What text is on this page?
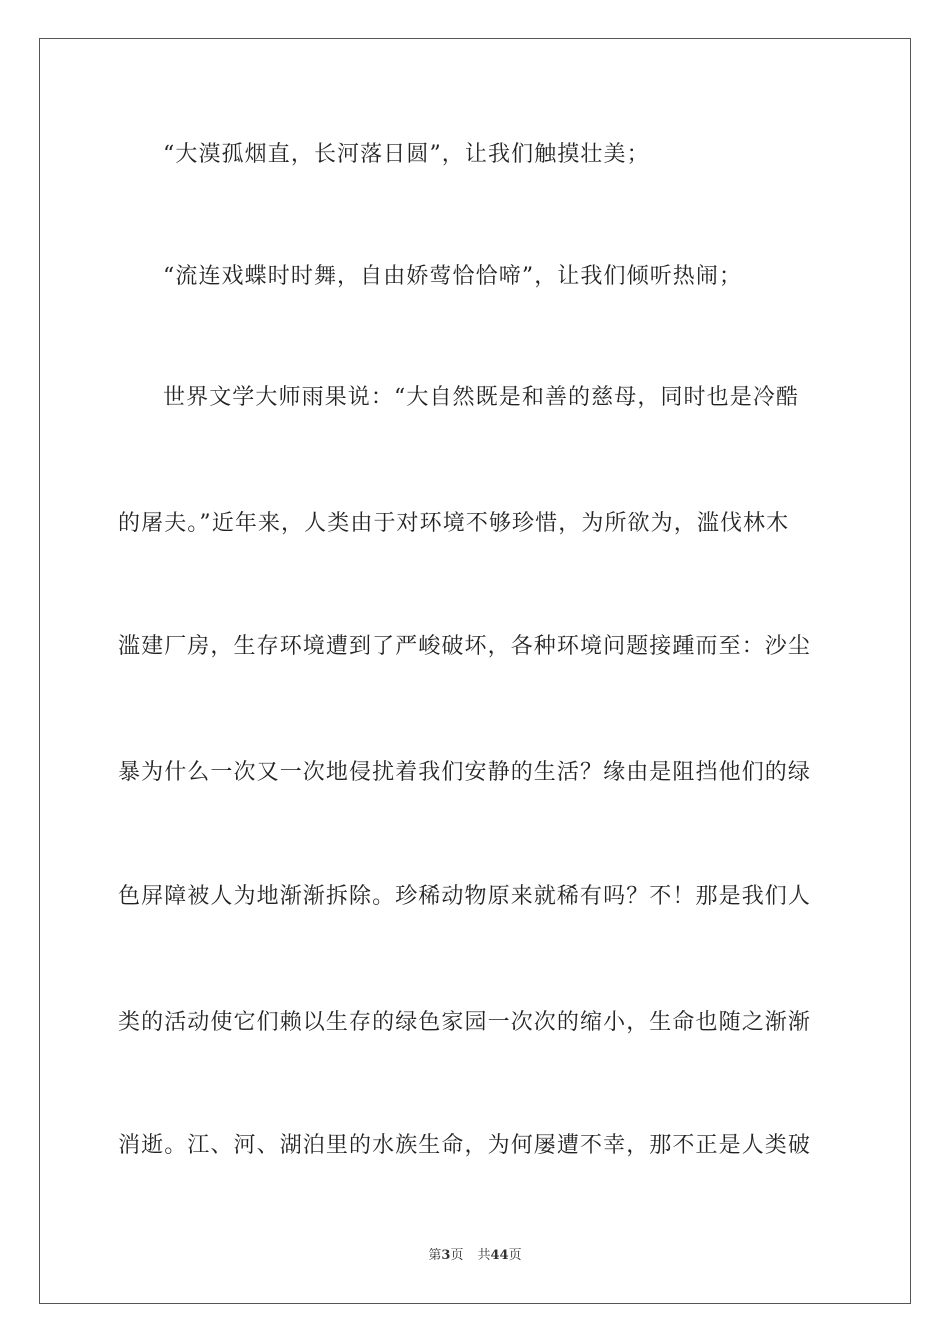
“大漠孤烟直，长河落日圆”，让我们触摸壮美；
“流连戏蝶时时舞，自由娇莺恰恰啼”，让我们倾听热闹；
世界文学大师雨果说：“大自然既是和善的慈母，同时也是冷酷
的屠夫。”近年来，人类由于对环境不够珍惜，为所欲为，滥伐林木
滥建厂房，生存环境遭到了严峻破坏，各种环境问题接踵而至：沙尘
暴为什么一次又一次地侵扰着我们安静的生活？缘由是阻挡他们的绿
色屏障被人为地渐渐拆除。珍稀动物原来就稀有吗？不！那是我们人
类的活动使它们赖以生存的绿色家园一次次的缩小，生命也随之渐渐
消逝。江、河、湖泊里的水族生命，为何屡遭不幸，那不正是人类破
第3页 共44页
